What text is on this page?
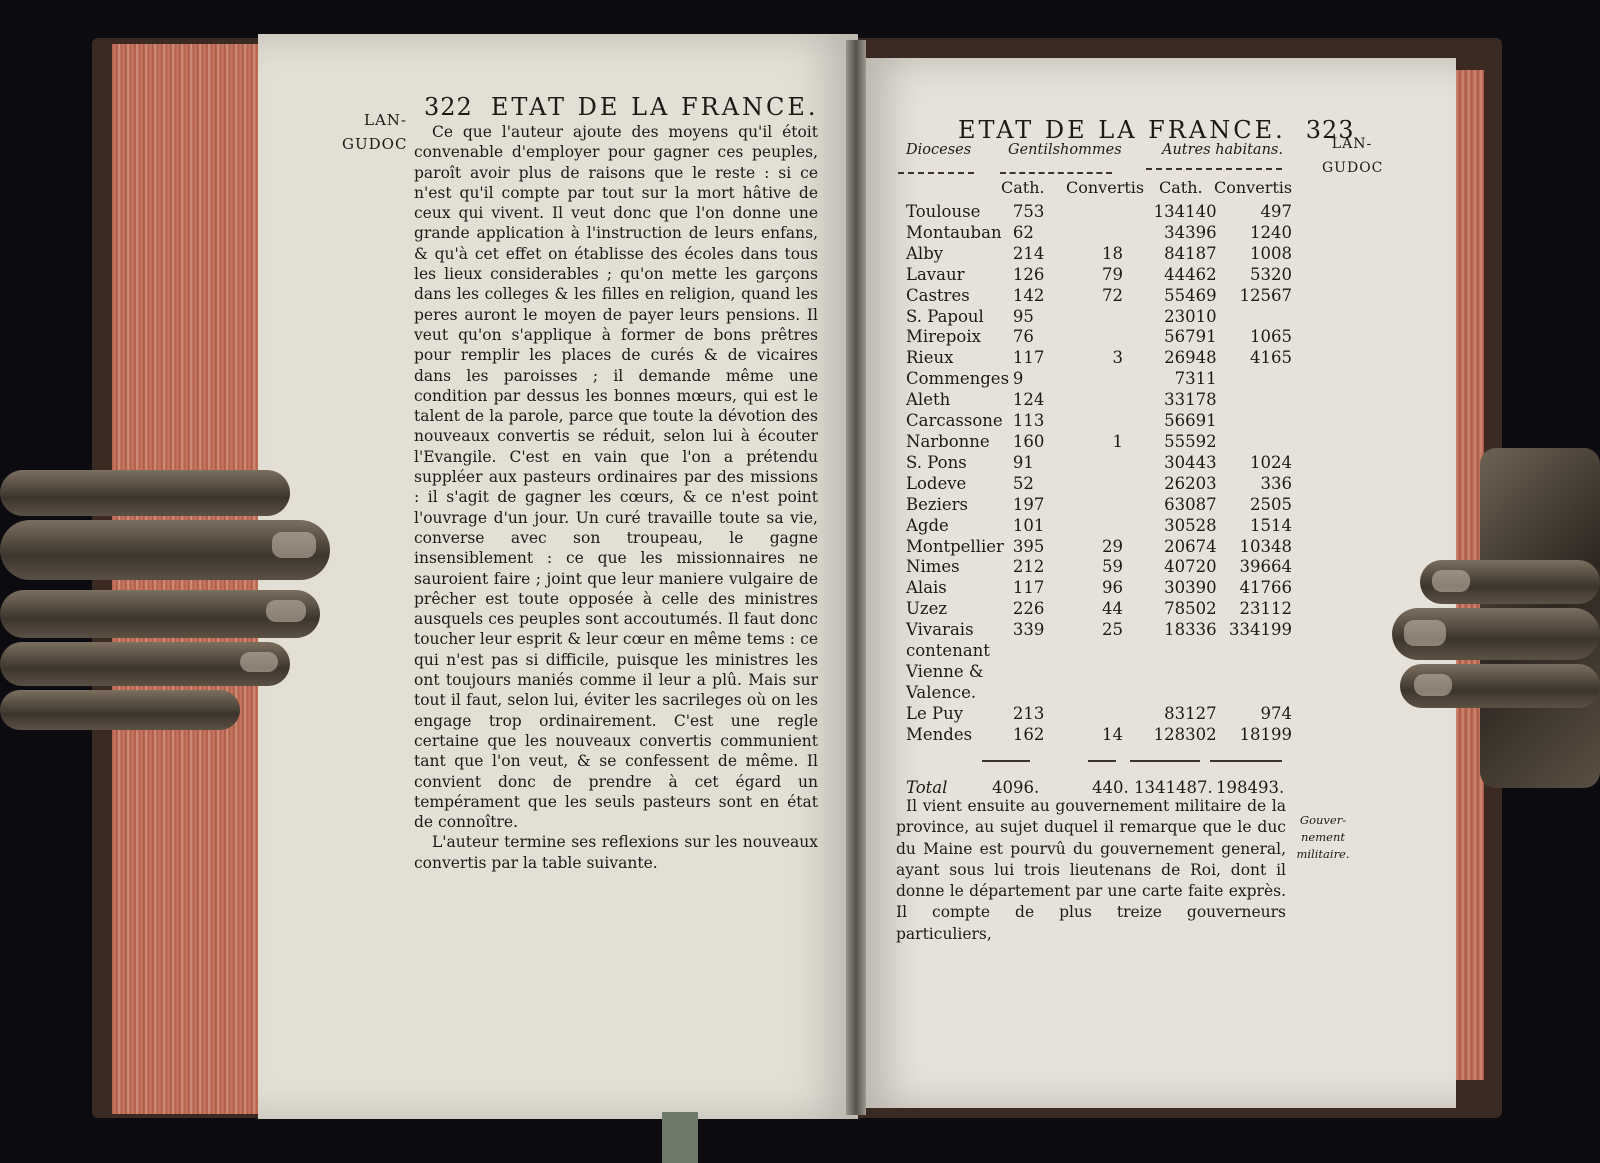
322 ETAT DE LA FRANCE.
LAN-
GUDOC

Ce que l'auteur ajoute des moyens qu'il étoit convenable d'employer pour gagner ces peuples, paroît avoir plus de raisons que le reste : si ce n'est qu'il compte par tout sur la mort hâtive de ceux qui vivent. Il veut donc que l'on donne une grande application à l'instruction de leurs enfans, & qu'à cet effet on établisse des écoles dans tous les lieux considerables ; qu'on mette les garçons dans les colleges & les filles en religion, quand les peres auront le moyen de payer leurs pensions. Il veut qu'on s'applique à former de bons prêtres pour remplir les places de curés & de vicaires dans les paroisses ; il demande même une condition par dessus les bonnes mœurs, qui est le talent de la parole, parce que toute la dévotion des nouveaux convertis se réduit, selon lui à écouter l'Evangile. C'est en vain que l'on a prétendu suppléer aux pasteurs ordinaires par des missions : il s'agit de gagner les cœurs, & ce n'est point l'ouvrage d'un jour. Un curé travaille toute sa vie, converse avec son troupeau, le gagne insensiblement : ce que les missionnaires ne sauroient faire ; joint que leur maniere vulgaire de prêcher est toute opposée à celle des ministres ausquels ces peuples sont accoutumés. Il faut donc toucher leur esprit & leur cœur en même tems : ce qui n'est pas si difficile, puisque les ministres les ont toujours maniés comme il leur a plû. Mais sur tout il faut, selon lui, éviter les sacrileges où on les engage trop ordinairement. C'est une regle certaine que les nouveaux convertis communient tant que l'on veut, & se confessent de même. Il convient donc de prendre à cet égard un tempérament que les seuls pasteurs sont en état de connoître.

L'auteur termine ses reflexions sur les nouveaux convertis par la table suivante.

ETAT DE LA FRANCE. 323
LAN-
GUDOC
Dioceses	Gentilshommes	Autres habitans.
Cath. Convertis Cath. Convertis
Toulouse	753		134140	497
Montauban	62		34396	1240
Alby	214	18	84187	1008
Lavaur	126	79	44462	5320
Castres	142	72	55469	12567
S. Papoul	95		23010	
Mirepoix	76		56791	1065
Rieux	117	3	26948	4165
Commenges	9		7311	
Aleth	124		33178	
Carcassone	113		56691	
Narbonne	160	1	55592	
S. Pons	91		30443	1024
Lodeve	52		26203	336
Beziers	197		63087	2505
Agde	101		30528	1514
Montpellier	395	29	20674	10348
Nimes	212	59	40720	39664
Alais	117	96	30390	41766
Uzez	226	44	78502	23112
Vivarais	339	25	18336	334199
contenant				
Vienne &				
Valence.				
Le Puy	213		83127	974
Mendes	162	14	128302	18199
Total	4096.	440. 1341487. 198493.

Il vient ensuite au gouvernement militaire de la province, au sujet duquel il remarque que le duc du Maine est pourvû du gouvernement general, ayant sous lui trois lieutenans de Roi, dont il donne le département par une carte faite exprès. Il compte de plus treize gouverneurs particuliers,

Gouver-
nement
militaire.
